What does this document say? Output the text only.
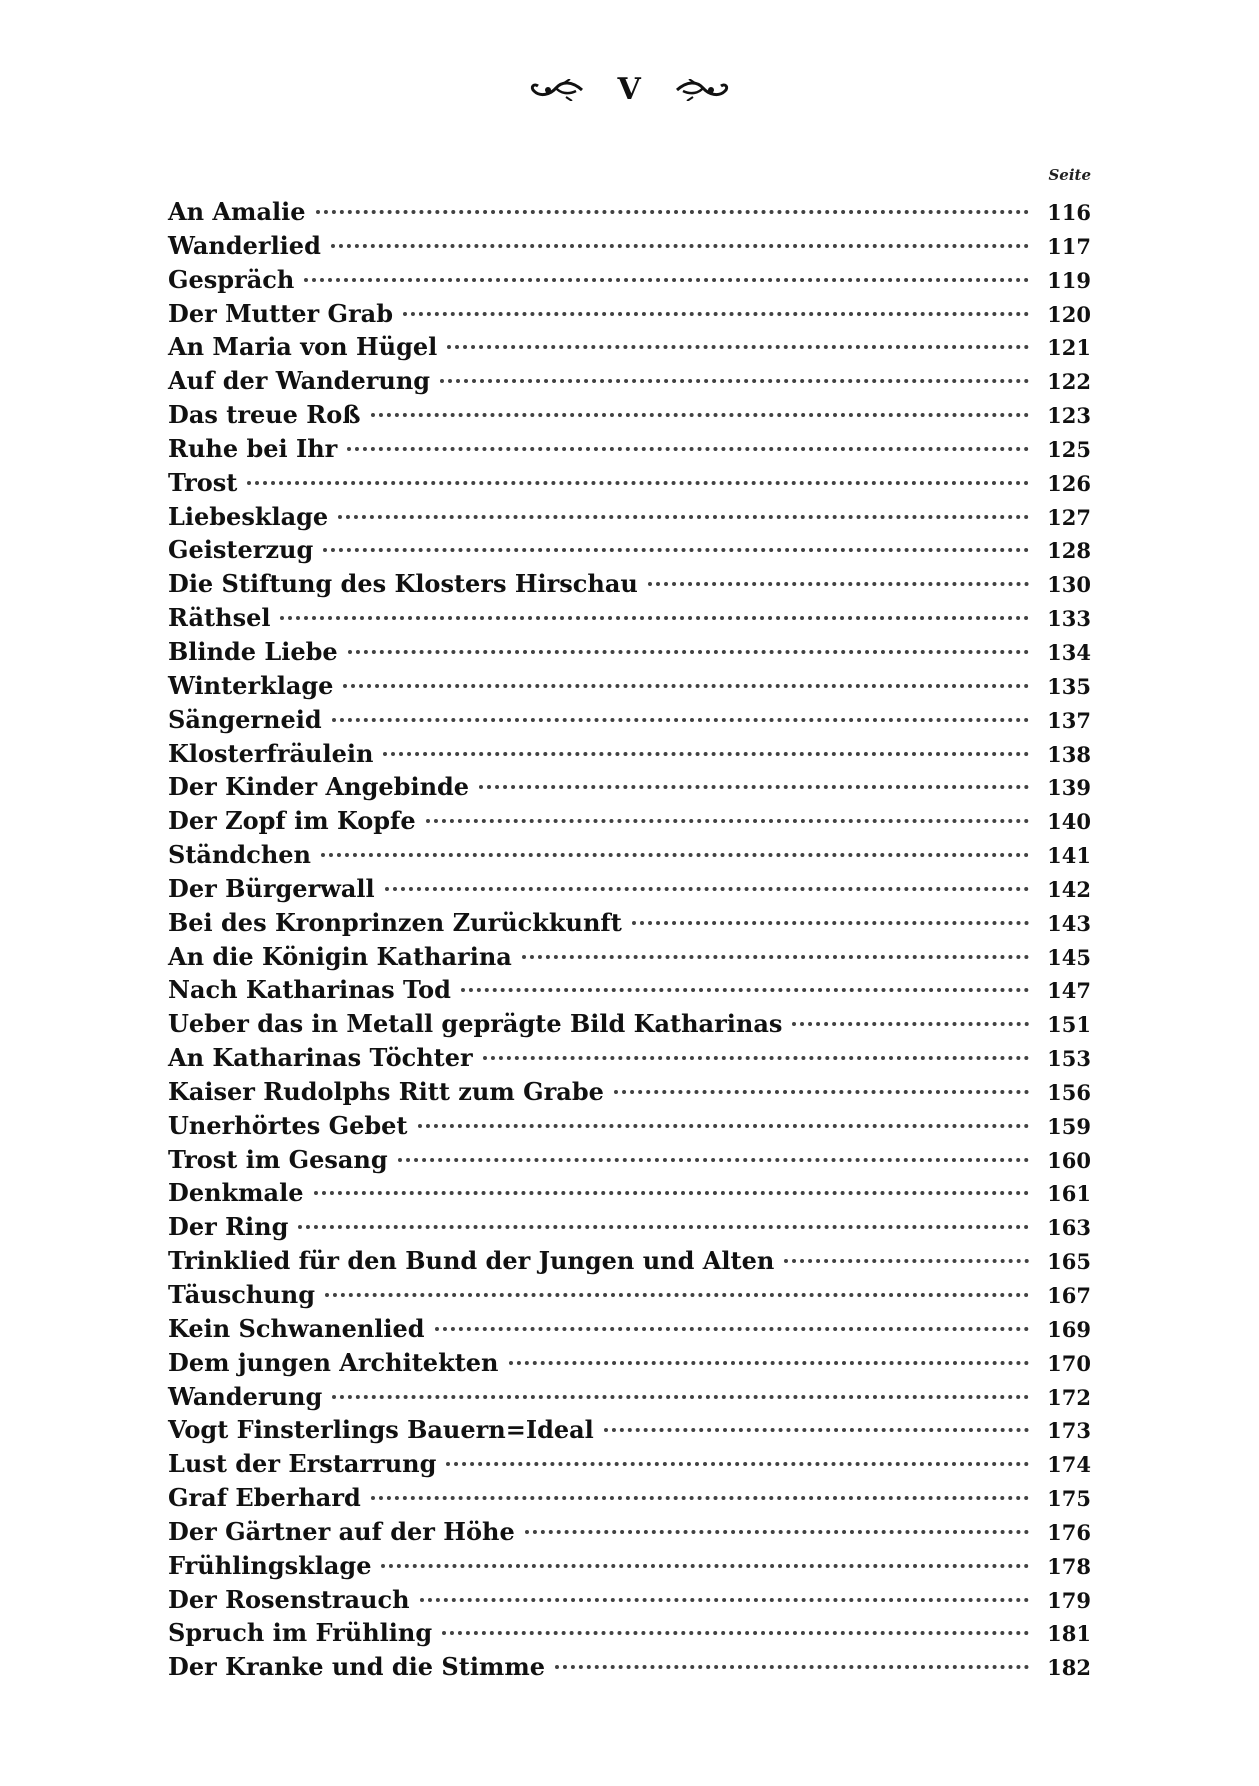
V
Seite
An Amalie	116
Wanderlied	117
Gespräch	119
Der Mutter Grab	120
An Maria von Hügel	121
Auf der Wanderung	122
Das treue Roß	123
Ruhe bei Ihr	125
Trost	126
Liebesklage	127
Geisterzug	128
Die Stiftung des Klosters Hirschau	130
Räthsel	133
Blinde Liebe	134
Winterklage	135
Sängerneid	137
Klosterfräulein	138
Der Kinder Angebinde	139
Der Zopf im Kopfe	140
Ständchen	141
Der Bürgerwall	142
Bei des Kronprinzen Zurückkunft	143
An die Königin Katharina	145
Nach Katharinas Tod	147
Ueber das in Metall geprägte Bild Katharinas	151
An Katharinas Töchter	153
Kaiser Rudolphs Ritt zum Grabe	156
Unerhörtes Gebet	159
Trost im Gesang	160
Denkmale	161
Der Ring	163
Trinklied für den Bund der Jungen und Alten	165
Täuschung	167
Kein Schwanenlied	169
Dem jungen Architekten	170
Wanderung	172
Vogt Finsterlings Bauern=Ideal	173
Lust der Erstarrung	174
Graf Eberhard	175
Der Gärtner auf der Höhe	176
Frühlingsklage	178
Der Rosenstrauch	179
Spruch im Frühling	181
Der Kranke und die Stimme	182
